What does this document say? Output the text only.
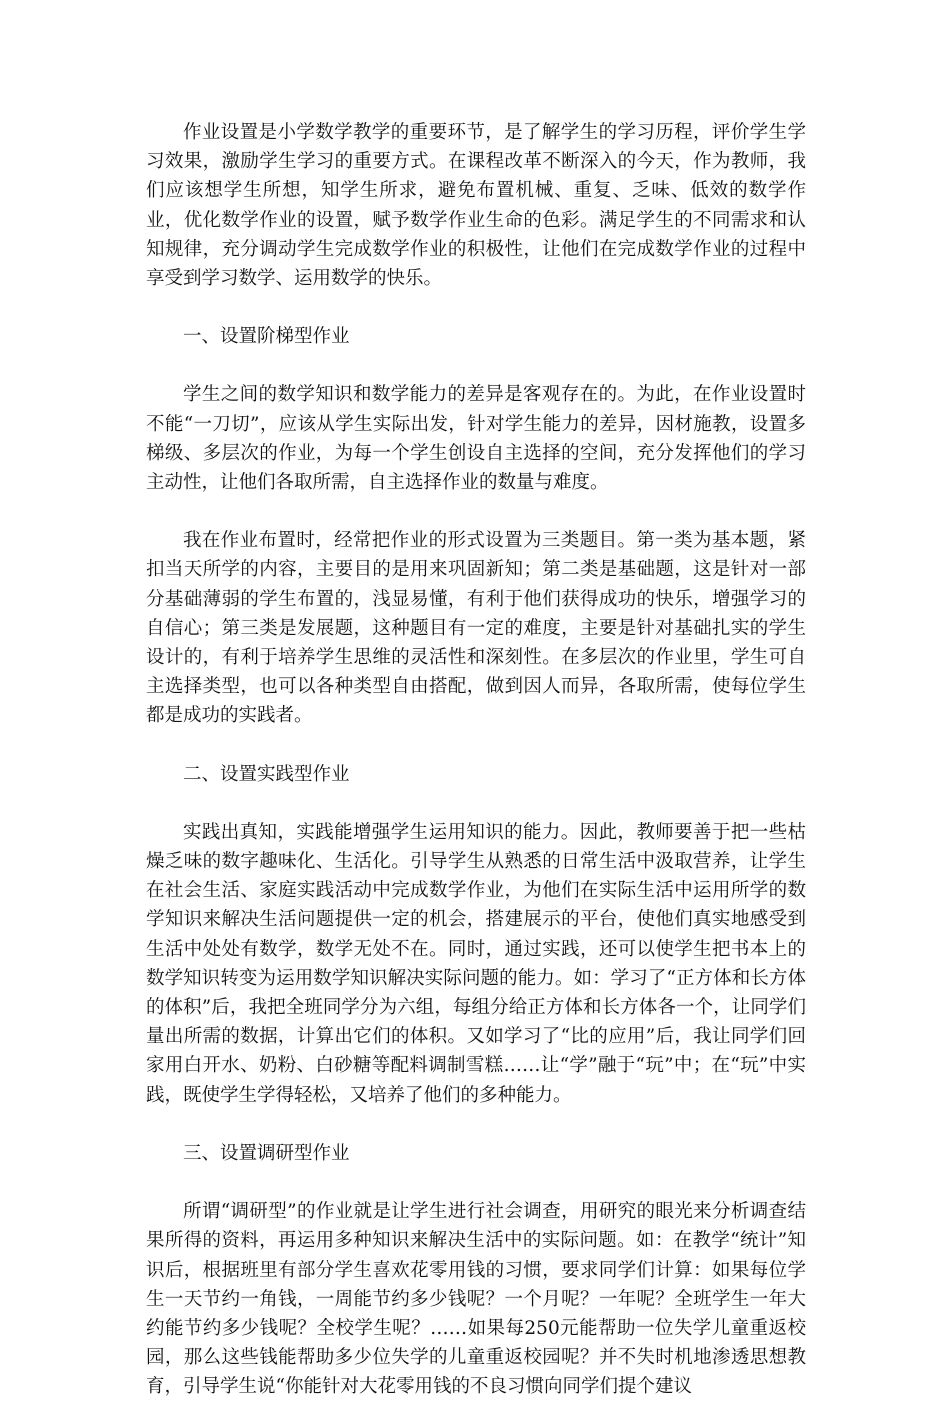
作业设置是小学数学教学的重要环节，是了解学生的学习历程，评价学生学习效果，激励学生学习的重要方式。在课程改革不断深入的今天，作为教师，我们应该想学生所想，知学生所求，避免布置机械、重复、乏味、低效的数学作业，优化数学作业的设置，赋予数学作业生命的色彩。满足学生的不同需求和认知规律，充分调动学生完成数学作业的积极性，让他们在完成数学作业的过程中享受到学习数学、运用数学的快乐。

一、设置阶梯型作业

学生之间的数学知识和数学能力的差异是客观存在的。为此，在作业设置时不能“一刀切”，应该从学生实际出发，针对学生能力的差异，因材施教，设置多梯级、多层次的作业，为每一个学生创设自主选择的空间，充分发挥他们的学习主动性，让他们各取所需，自主选择作业的数量与难度。

我在作业布置时，经常把作业的形式设置为三类题目。第一类为基本题，紧扣当天所学的内容，主要目的是用来巩固新知；第二类是基础题，这是针对一部分基础薄弱的学生布置的，浅显易懂，有利于他们获得成功的快乐，增强学习的自信心；第三类是发展题，这种题目有一定的难度，主要是针对基础扎实的学生设计的，有利于培养学生思维的灵活性和深刻性。在多层次的作业里，学生可自主选择类型，也可以各种类型自由搭配，做到因人而异，各取所需，使每位学生都是成功的实践者。

二、设置实践型作业

实践出真知，实践能增强学生运用知识的能力。因此，教师要善于把一些枯燥乏味的数字趣味化、生活化。引导学生从熟悉的日常生活中汲取营养，让学生在社会生活、家庭实践活动中完成数学作业，为他们在实际生活中运用所学的数学知识来解决生活问题提供一定的机会，搭建展示的平台，使他们真实地感受到生活中处处有数学，数学无处不在。同时，通过实践，还可以使学生把书本上的数学知识转变为运用数学知识解决实际问题的能力。如：学习了“正方体和长方体的体积”后，我把全班同学分为六组，每组分给正方体和长方体各一个，让同学们量出所需的数据，计算出它们的体积。又如学习了“比的应用”后，我让同学们回家用白开水、奶粉、白砂糖等配料调制雪糕……让“学”融于“玩”中；在“玩”中实践，既使学生学得轻松，又培养了他们的多种能力。

三、设置调研型作业

所谓“调研型”的作业就是让学生进行社会调查，用研究的眼光来分析调查结果所得的资料，再运用多种知识来解决生活中的实际问题。如：在教学“统计”知识后，根据班里有部分学生喜欢花零用钱的习惯，要求同学们计算：如果每位学生一天节约一角钱，一周能节约多少钱呢？一个月呢？一年呢？全班学生一年大约能节约多少钱呢？全校学生呢？……如果每250元能帮助一位失学儿童重返校园，那么这些钱能帮助多少位失学的儿童重返校园呢？并不失时机地渗透思想教育，引导学生说“你能针对大花零用钱的不良习惯向同学们提个建议
